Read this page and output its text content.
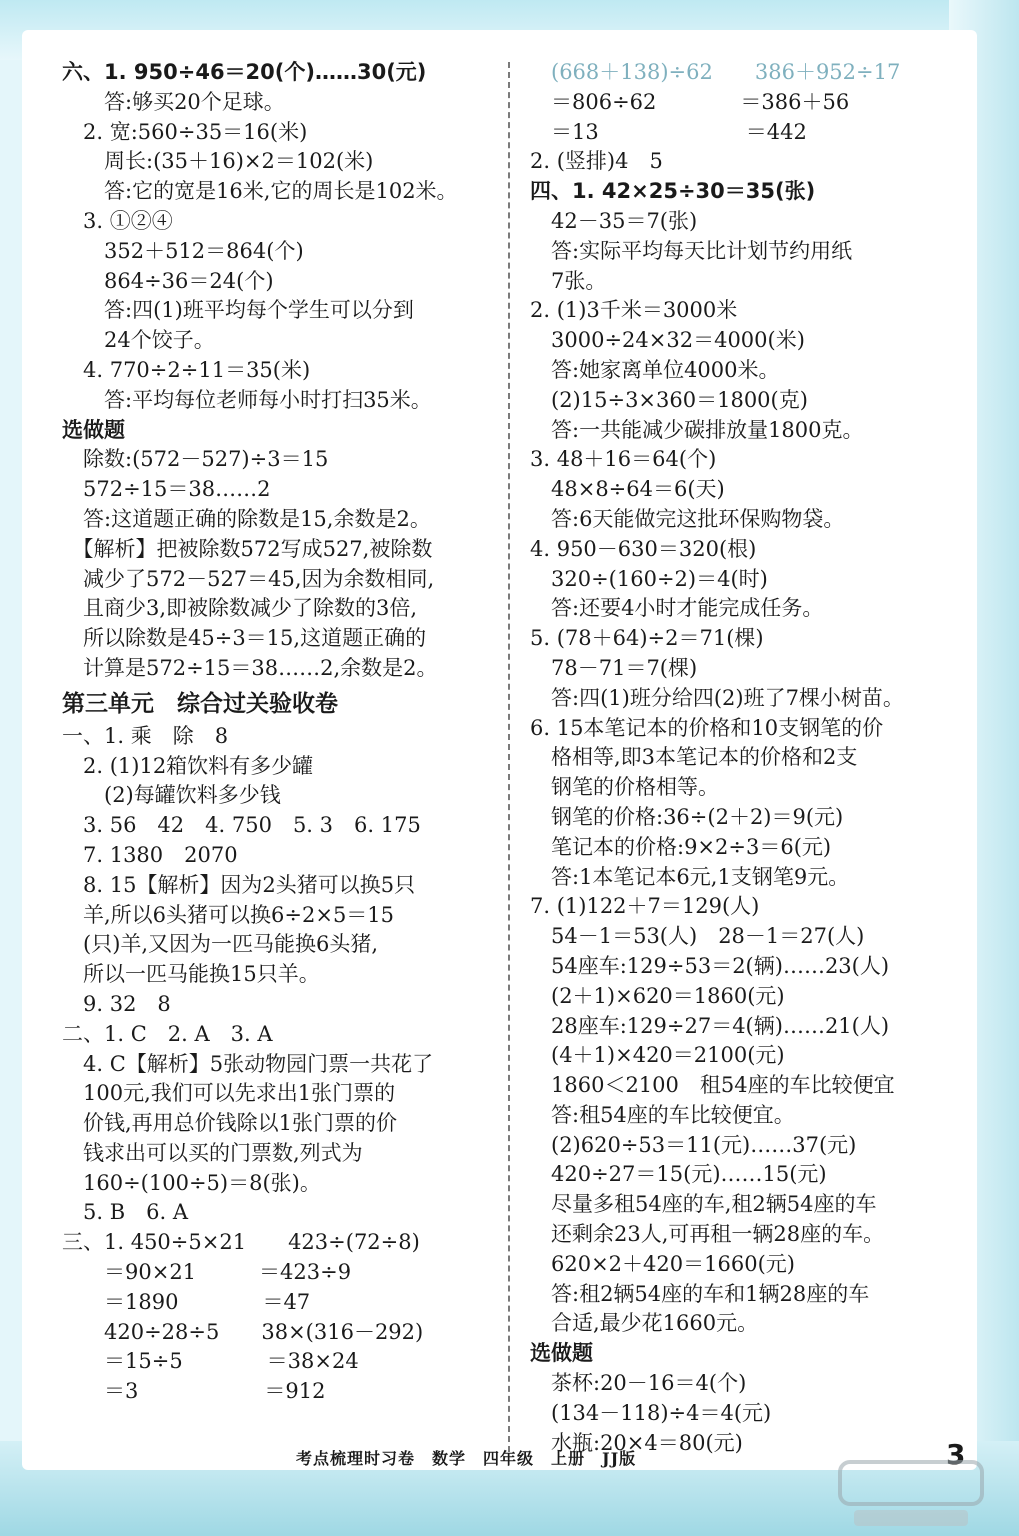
六、1. 950÷46＝20(个)……30(元)
　　答:够买20个足球。
　2. 宽:560÷35＝16(米)
　　周长:(35＋16)×2＝102(米)
　　答:它的宽是16米,它的周长是102米。
　3. ①②④
　　352＋512＝864(个)
　　864÷36＝24(个)
　　答:四(1)班平均每个学生可以分到
　　24个饺子。
　4. 770÷2÷11＝35(米)
　　答:平均每位老师每小时打扫35米。
选做题
　除数:(572－527)÷3＝15
　572÷15＝38……2
　答:这道题正确的除数是15,余数是2。
　【解析】把被除数572写成527,被除数
　减少了572－527＝45,因为余数相同,
　且商少3,即被除数减少了除数的3倍,
　所以除数是45÷3＝15,这道题正确的
　计算是572÷15＝38……2,余数是2。
第三单元　综合过关验收卷
一、1. 乘　除　8
　2. (1)12箱饮料有多少罐
　　(2)每罐饮料多少钱
　3. 56　42　4. 750　5. 3　6. 175
　7. 1380　2070
　8. 15【解析】因为2头猪可以换5只
　羊,所以6头猪可以换6÷2×5＝15
　(只)羊,又因为一匹马能换6头猪,
　所以一匹马能换15只羊。
　9. 32　8
二、1. C　2. A　3. A
　4. C【解析】5张动物园门票一共花了
　100元,我们可以先求出1张门票的
　价钱,再用总价钱除以1张门票的价
　钱求出可以买的门票数,列式为
　160÷(100÷5)＝8(张)。
　5. B　6. A
三、1. 450÷5×21　　423÷(72÷8)
　　＝90×21　　　＝423÷9
　　＝1890　　　　＝47
　　420÷28÷5　　38×(316－292)
　　＝15÷5　　　　＝38×24
　　＝3　　　　　　＝912
　(668＋138)÷62　　386＋952÷17
　＝806÷62　　　　＝386＋56
　＝13　　　　　　　＝442
2. (竖排)4　5
四、1. 42×25÷30＝35(张)
　42－35＝7(张)
　答:实际平均每天比计划节约用纸
　7张。
2. (1)3千米＝3000米
　3000÷24×32＝4000(米)
　答:她家离单位4000米。
　(2)15÷3×360＝1800(克)
　答:一共能减少碳排放量1800克。
3. 48＋16＝64(个)
　48×8÷64＝6(天)
　答:6天能做完这批环保购物袋。
4. 950－630＝320(根)
　320÷(160÷2)＝4(时)
　答:还要4小时才能完成任务。
5. (78＋64)÷2＝71(棵)
　78－71＝7(棵)
　答:四(1)班分给四(2)班了7棵小树苗。
6. 15本笔记本的价格和10支钢笔的价
　格相等,即3本笔记本的价格和2支
　钢笔的价格相等。
　钢笔的价格:36÷(2＋2)＝9(元)
　笔记本的价格:9×2÷3＝6(元)
　答:1本笔记本6元,1支钢笔9元。
7. (1)122＋7＝129(人)
　54－1＝53(人)　28－1＝27(人)
　54座车:129÷53＝2(辆)……23(人)
　(2＋1)×620＝1860(元)
　28座车:129÷27＝4(辆)……21(人)
　(4＋1)×420＝2100(元)
　1860＜2100　租54座的车比较便宜
　答:租54座的车比较便宜。
　(2)620÷53＝11(元)……37(元)
　420÷27＝15(元)……15(元)
　尽量多租54座的车,租2辆54座的车
　还剩余23人,可再租一辆28座的车。
　620×2＋420＝1660(元)
　答:租2辆54座的车和1辆28座的车
　合适,最少花1660元。
选做题
　茶杯:20－16＝4(个)
　(134－118)÷4＝4(元)
　水瓶:20×4＝80(元)
考点梳理时习卷　数学　四年级　上册　JJ版	3
